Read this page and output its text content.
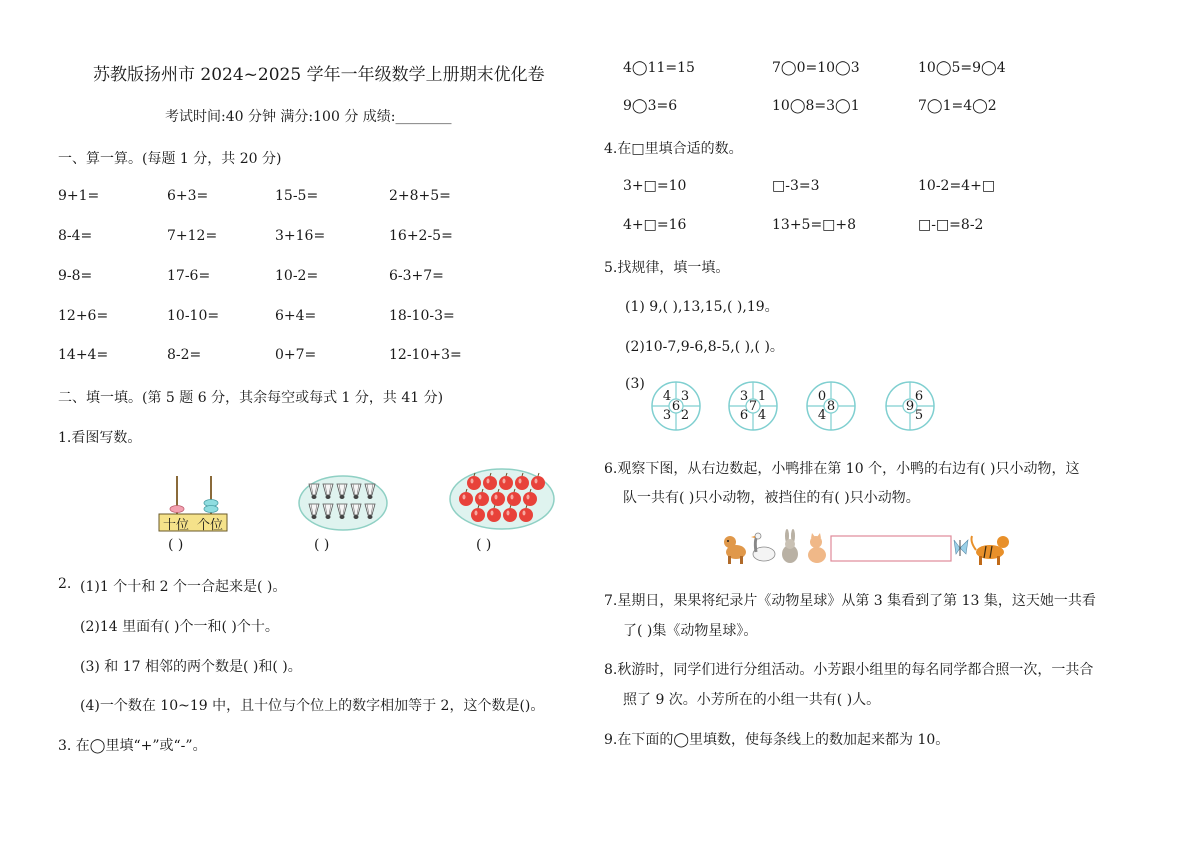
苏教版扬州市 2024~2025 学年一年级数学上册期末优化卷
考试时间:40 分钟 满分:100 分 成绩:________
一、算一算。(每题 1 分，共 20 分)
9+1=	6+3=	15-5=	2+8+5=
8-4=	7+12=	3+16=	16+2-5=
9-8=	17-6=	10-2=	6-3+7=
12+6=	10-10=	6+4=	18-10-3=
14+4=	8-2=	0+7=	12-10+3=
二、填一填。(第 5 题 6 分，其余每空或每式 1 分，共 41 分)
1.看图写数。
十位 个位
( )	( )	( )
2. (1)1 个十和 2 个一合起来是( )。
(2)14 里面有( )个一和( )个十。
(3) 和 17 相邻的两个数是( )和( )。
(4)一个数在 10~19 中，且十位与个位上的数字相加等于 2，这个数是()。
3. 在◯里填“+”或“-”。
4◯11=15	7◯0=10◯3	10◯5=9◯4
9◯3=6	10◯8=3◯1	7◯1=4◯2
4.在□里填合适的数。
3+□=10	□-3=3	10-2=4+□
4+□=16	13+5=□+8	□-□=8-2
5.找规律，填一填。
(1) 9,( ),13,15,( ),19。
(2)10-7,9-6,8-5,( ),( )。
(3)
4 3
3 2
6
3 1
6 4
7
0
4
8
6
5
9
6.观察下图，从右边数起，小鸭排在第 10 个，小鸭的右边有( )只小动物，这
队一共有( )只小动物，被挡住的有( )只小动物。
7.星期日，果果将纪录片《动物星球》从第 3 集看到了第 13 集，这天她一共看
了( )集《动物星球》。
8.秋游时，同学们进行分组活动。小芳跟小组里的每名同学都合照一次，一共合
照了 9 次。小芳所在的小组一共有( )人。
9.在下面的◯里填数，使每条线上的数加起来都为 10。
